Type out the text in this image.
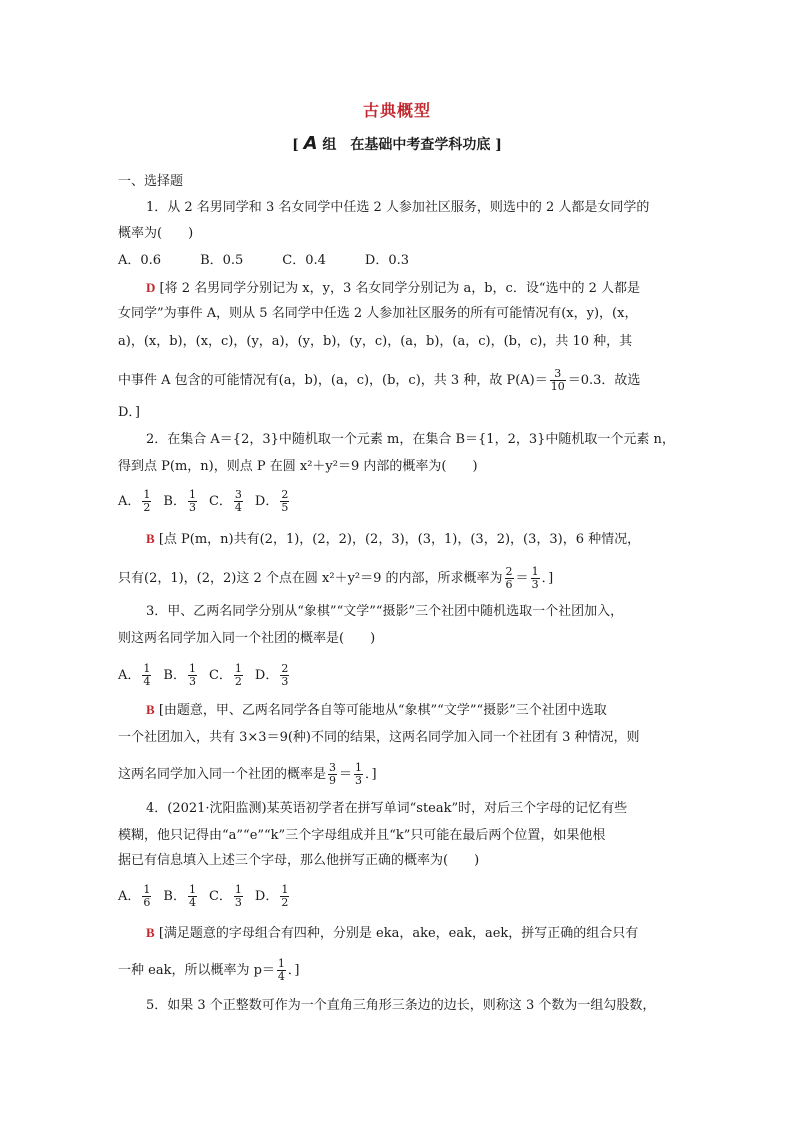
古典概型
[ A 组　在基础中考查学科功底 ]
一、选择题
1．从 2 名男同学和 3 名女同学中任选 2 人参加社区服务，则选中的 2 人都是女同学的
概率为(　　)
A．0.6　　　B．0.5　　　C．0.4　　　D．0.3
D [将 2 名男同学分别记为 x，y，3 名女同学分别记为 a，b，c．设“选中的 2 人都是
女同学”为事件 A，则从 5 名同学中任选 2 人参加社区服务的所有可能情况有(x，y)，(x，
a)，(x，b)，(x，c)，(y，a)，(y，b)，(y，c)，(a，b)，(a，c)，(b，c)，共 10 种，其
中事件 A 包含的可能情况有(a，b)，(a，c)，(b，c)，共 3 种，故 $P(A)= \frac{3}{10} =0.3$．故选
D．]
2．在集合 A＝{2，3}中随机取一个元素 m，在集合 B＝{1，2，3}中随机取一个元素 n，
得到点 P(m，n)，则点 P 在圆 x²＋y²＝9 内部的概率为(　　)
A． $\frac{1}{2}$ B． $\frac{1}{3}$ C． $\frac{3}{4}$ D． $\frac{2}{5}$
B [点 P(m，n)共有(2，1)，(2，2)，(2，3)，(3，1)，(3，2)，(3，3)，6 种情况，
只有(2，1)，(2，2)这 2 个点在圆 x²＋y²＝9 的内部，所求概率为 $\frac{2}{6} = \frac{1}{3}$ ．]
3．甲、乙两名同学分别从“象棋”“文学”“摄影”三个社团中随机选取一个社团加入，
则这两名同学加入同一个社团的概率是(　　)
A． $\frac{1}{4}$ B． $\frac{1}{3}$ C． $\frac{1}{2}$ D． $\frac{2}{3}$
B [由题意，甲、乙两名同学各自等可能地从“象棋”“文学”“摄影”三个社团中选取
一个社团加入，共有 3×3＝9(种)不同的结果，这两名同学加入同一个社团有 3 种情况，则
这两名同学加入同一个社团的概率是 $\frac{3}{9} = \frac{1}{3}$ ．]
4．(2021·沈阳监测)某英语初学者在拼写单词“steak”时，对后三个字母的记忆有些
模糊，他只记得由“a”“e”“k”三个字母组成并且“k”只可能在最后两个位置，如果他根
据已有信息填入上述三个字母，那么他拼写正确的概率为(　　)
A． $\frac{1}{6}$ B． $\frac{1}{4}$ C． $\frac{1}{3}$ D． $\frac{1}{2}$
B [满足题意的字母组合有四种，分别是 eka，ake，eak，aek，拼写正确的组合只有
一种 eak，所以概率为 $p= \frac{1}{4}$ ．]
5．如果 3 个正整数可作为一个直角三角形三条边的边长，则称这 3 个数为一组勾股数，
